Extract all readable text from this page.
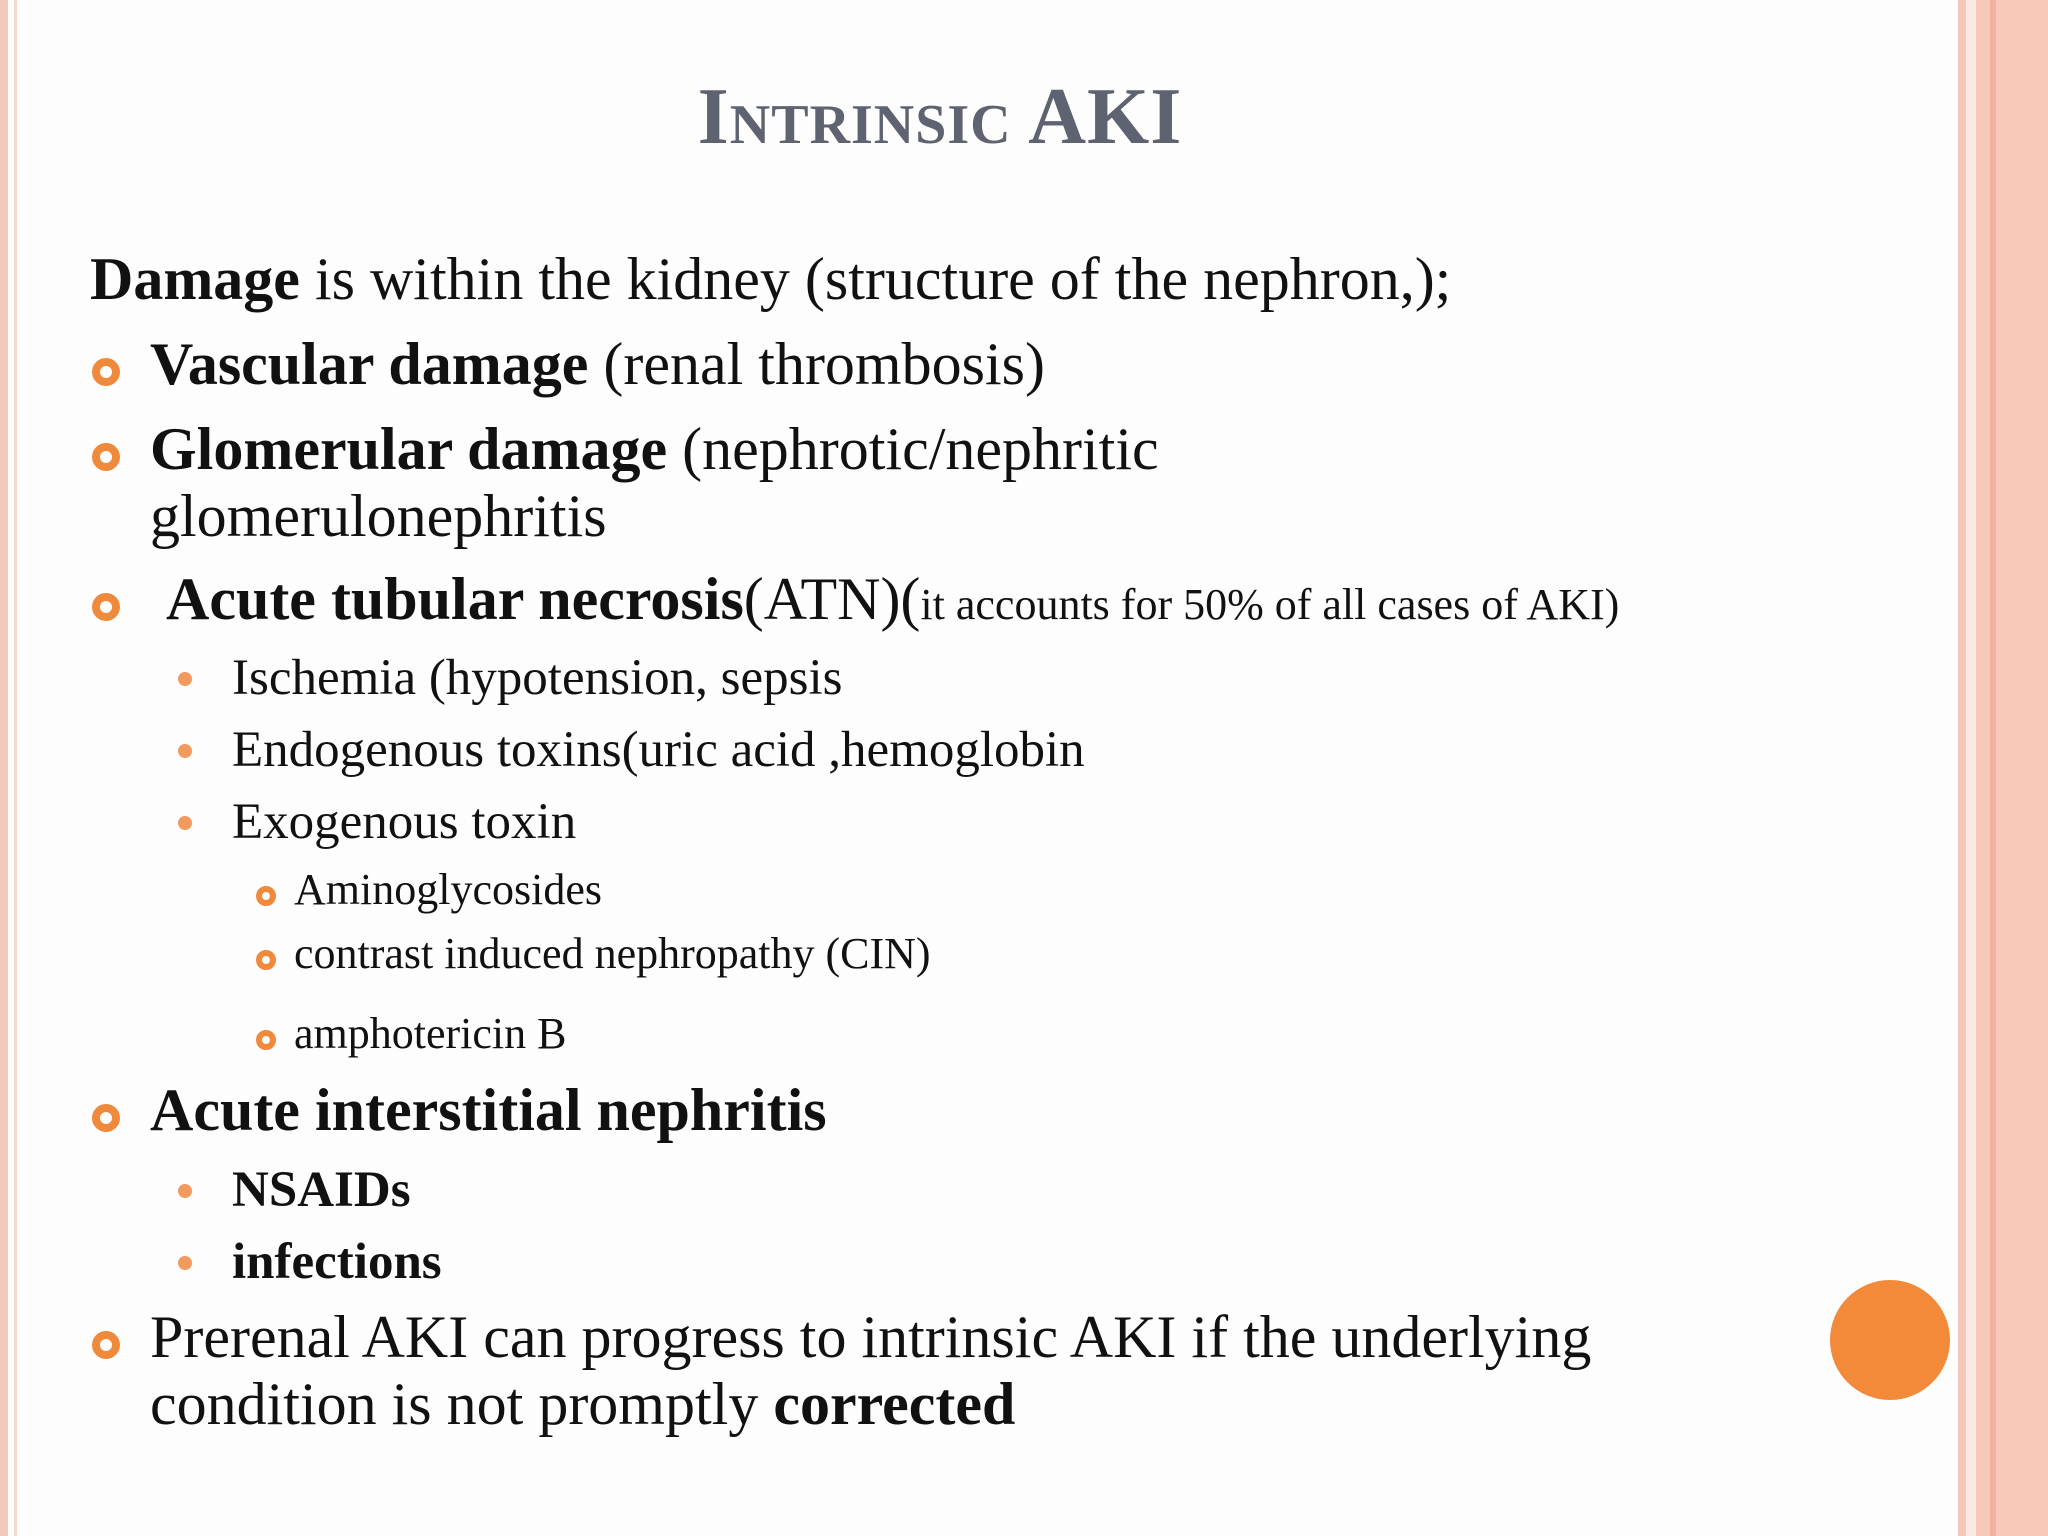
Intrinsic AKI
Damage is within the kidney (structure of the nephron,);
Vascular damage (renal thrombosis)
Glomerular damage (nephrotic/nephritic
glomerulonephritis
Acute tubular necrosis(ATN)(it accounts for 50% of all cases of AKI)
Ischemia (hypotension, sepsis
Endogenous toxins(uric acid ,hemoglobin
Exogenous toxin
Aminoglycosides
contrast induced nephropathy (CIN)
amphotericin B
Acute interstitial nephritis
NSAIDs
infections
Prerenal AKI can progress to intrinsic AKI if the underlying
condition is not promptly corrected
